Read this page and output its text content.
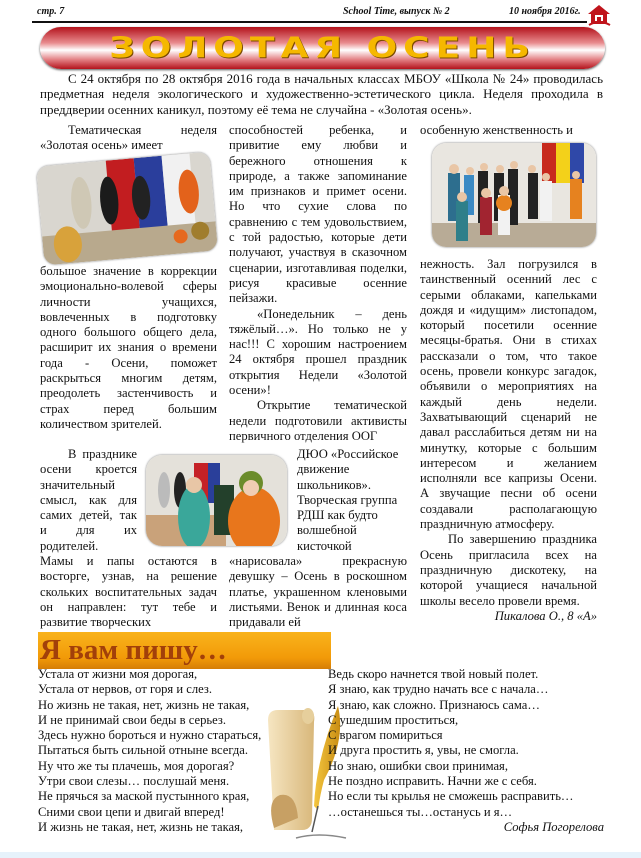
стр. 7	School Time, выпуск № 2	10 ноября 2016г.
ЗОЛОТАЯ ОСЕНЬ

С 24 октября по 28 октября 2016 года в начальных классах МБОУ «Школа № 24» проводилась предметная неделя экологического и художественно-эстетического цикла. Неделя проходила в преддверии осенних каникул, поэтому её тема не случайна - «Золотая осень».

Тематическая неделя «Золотая осень» имеет

большое значение в коррекции эмоционально-волевой сферы личности учащихся, вовлеченных в подготовку одного большого общего дела, расширит их знания о времени года - Осени, поможет раскрыться многим детям, преодолеть застенчивость и страх перед большим количеством зрителей.

В празднике осени кроется значительный смысл, как для самих детей, так и для их родителей.

Мамы и папы остаются в восторге, узнав, на решение скольких воспитательных задач он направлен: тут тебе и развитие творческих

способностей ребенка, и привитие ему любви и бережного отношения к природе, а также запоминание им признаков и примет осени. Но что сухие слова по сравнению с тем удовольствием, с той радостью, которые дети получают, участвуя в сказочном сценарии, изготавливая поделки, рисуя красивые осенние пейзажи.

«Понедельник – день тяжёлый…». Но только не у нас!!! С хорошим настроением 24 октября прошел праздник открытия Недели «Золотой осени»!

Открытие тематической недели подготовили активисты первичного отделения ООГ

ДЮО «Российское движение школьников». Творческая группа РДШ как будто волшебной кисточкой

«нарисовала» прекрасную девушку – Осень в роскошном платье, украшенном кленовыми листьями. Венок и длинная коса придавали ей

особенную женственность и

нежность. Зал погрузился в таинственный осенний лес с серыми облаками, капельками дождя и «идущим» листопадом, который посетили осенние месяцы-братья. Они в стихах рассказали о том, что такое осень, провели конкурс загадок, объявили о мероприятиях на каждый день недели. Захватывающий сценарий не давал расслабиться детям ни на минутку, которые с большим интересом и желанием исполняли все капризы Осени. А звучащие песни об осени создавали располагающую праздничную атмосферу.

По завершению праздника Осень пригласила всех на праздничную дискотеку, на которой учащиеся начальной школы весело провели время.

Пикалова О., 8 «А»

Я вам пишу…
Устала от жизни моя дорогая,
Устала от нервов, от горя и слез.
Но жизнь не такая, нет, жизнь не такая,
И не принимай свои беды в серьез.
Здесь нужно бороться и нужно стараться,
Пытаться быть сильной отныне всегда.
Ну что же ты плачешь, моя дорогая?
Утри свои слезы… послушай меня.
Не прячься за маской пустынного края,
Сними свои цепи и двигай вперед!
И жизнь не такая, нет, жизнь не такая,
Ведь скоро начнется твой новый полет.
Я знаю, как трудно начать все с начала…
Я знаю, как сложно. Признаюсь сама…
С ушедшим проститься,
С врагом помириться
И друга простить я, увы, не смогла.
Но знаю, ошибки свои принимая,
Не поздно исправить. Начни же с себя.
Но если ты крылья не сможешь расправить…
…останешься ты…останусь и я…
Софья Погорелова
